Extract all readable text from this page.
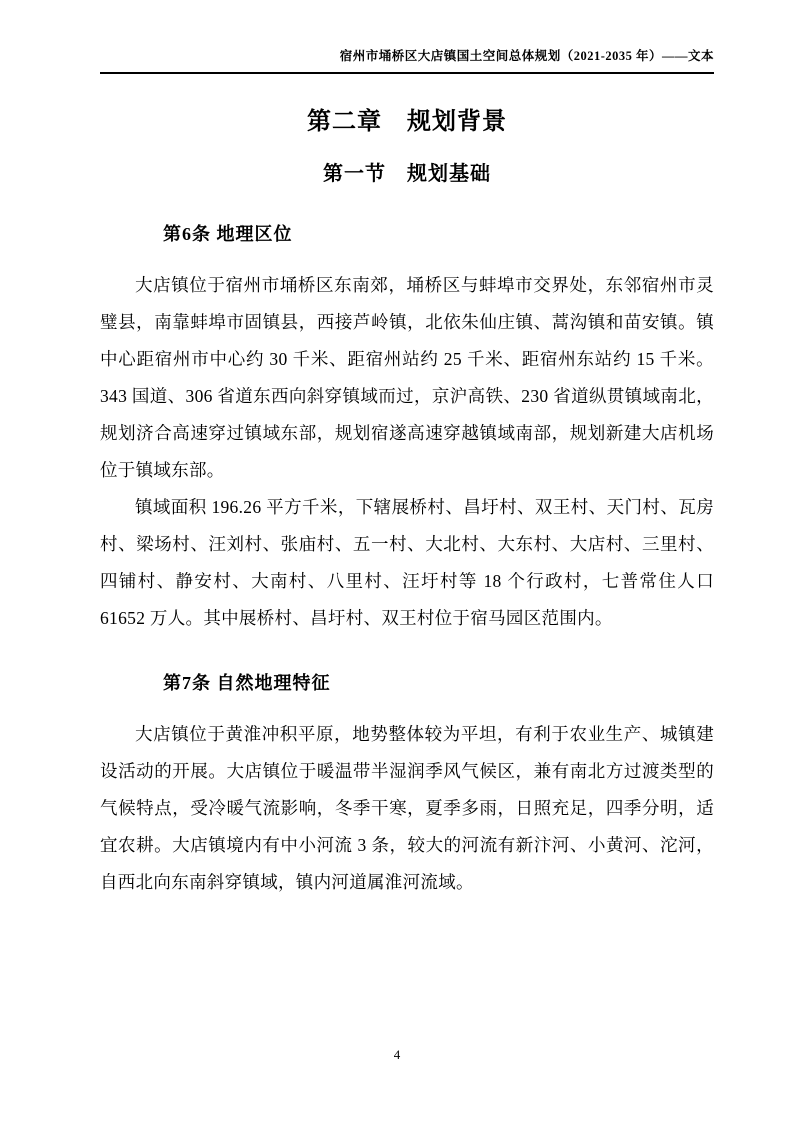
宿州市埇桥区大店镇国土空间总体规划（2021-2035 年）——文本
第二章　规划背景
第一节　规划基础
第6条 地理区位

大店镇位于宿州市埇桥区东南郊，埇桥区与蚌埠市交界处，东邻宿州市灵璧县，南靠蚌埠市固镇县，西接芦岭镇，北依朱仙庄镇、蒿沟镇和苗安镇。镇中心距宿州市中心约 30 千米、距宿州站约 25 千米、距宿州东站约 15 千米。343 国道、306 省道东西向斜穿镇域而过，京沪高铁、230 省道纵贯镇域南北，规划济合高速穿过镇域东部，规划宿遂高速穿越镇域南部，规划新建大店机场位于镇域东部。

镇域面积 196.26 平方千米，下辖展桥村、昌圩村、双王村、天门村、瓦房村、梁场村、汪刘村、张庙村、五一村、大北村、大东村、大店村、三里村、四铺村、静安村、大南村、八里村、汪圩村等 18 个行政村，七普常住人口 61652 万人。其中展桥村、昌圩村、双王村位于宿马园区范围内。

第7条 自然地理特征

大店镇位于黄淮冲积平原，地势整体较为平坦，有利于农业生产、城镇建设活动的开展。大店镇位于暖温带半湿润季风气候区，兼有南北方过渡类型的气候特点，受冷暖气流影响，冬季干寒，夏季多雨，日照充足，四季分明，适宜农耕。大店镇境内有中小河流 3 条，较大的河流有新汴河、小黄河、沱河，自西北向东南斜穿镇域，镇内河道属淮河流域。

4
